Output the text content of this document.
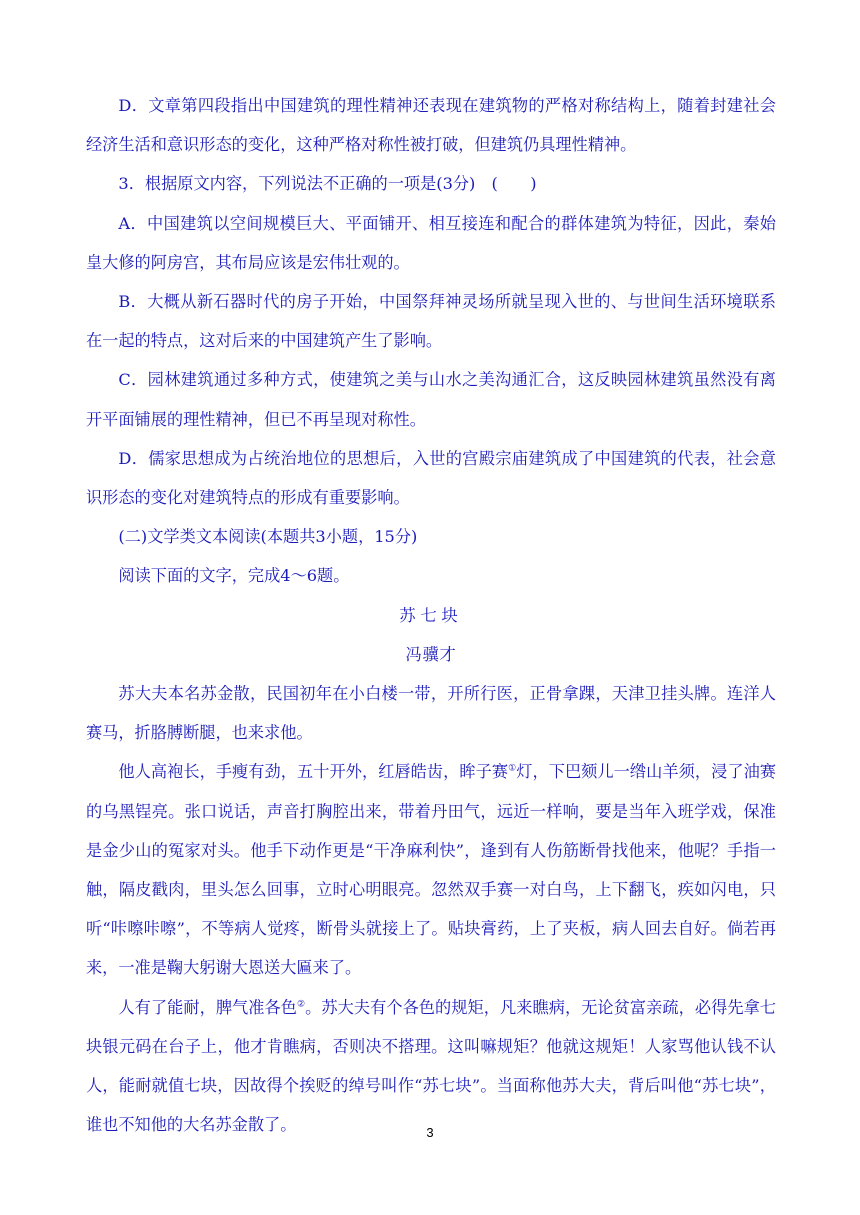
D．文章第四段指出中国建筑的理性精神还表现在建筑物的严格对称结构上，随着封建社会经济生活和意识形态的变化，这种严格对称性被打破，但建筑仍具理性精神。

3．根据原文内容，下列说法不正确的一项是(3分)　(　　)

A．中国建筑以空间规模巨大、平面铺开、相互接连和配合的群体建筑为特征，因此，秦始皇大修的阿房宫，其布局应该是宏伟壮观的。

B．大概从新石器时代的房子开始，中国祭拜神灵场所就呈现入世的、与世间生活环境联系在一起的特点，这对后来的中国建筑产生了影响。

C．园林建筑通过多种方式，使建筑之美与山水之美沟通汇合，这反映园林建筑虽然没有离开平面铺展的理性精神，但已不再呈现对称性。

D．儒家思想成为占统治地位的思想后，入世的宫殿宗庙建筑成了中国建筑的代表，社会意识形态的变化对建筑特点的形成有重要影响。

(二)文学类文本阅读(本题共3小题，15分)

阅读下面的文字，完成4～6题。

苏七块

冯骥才

苏大夫本名苏金散，民国初年在小白楼一带，开所行医，正骨拿踝，天津卫挂头牌。连洋人赛马，折胳膊断腿，也来求他。

他人高袍长，手瘦有劲，五十开外，红唇皓齿，眸子赛①灯，下巴颏儿一绺山羊须，浸了油赛的乌黑锃亮。张口说话，声音打胸腔出来，带着丹田气，远近一样响，要是当年入班学戏，保准是金少山的冤家对头。他手下动作更是“干净麻利快”，逢到有人伤筋断骨找他来，他呢？手指一触，隔皮戳肉，里头怎么回事，立时心明眼亮。忽然双手赛一对白鸟，上下翻飞，疾如闪电，只听“咔嚓咔嚓”，不等病人觉疼，断骨头就接上了。贴块膏药，上了夹板，病人回去自好。倘若再来，一准是鞠大躬谢大恩送大匾来了。

人有了能耐，脾气准各色②。苏大夫有个各色的规矩，凡来瞧病，无论贫富亲疏，必得先拿七块银元码在台子上，他才肯瞧病，否则决不搭理。这叫嘛规矩？他就这规矩！人家骂他认钱不认人，能耐就值七块，因故得个挨贬的绰号叫作“苏七块”。当面称他苏大夫，背后叫他“苏七块”，谁也不知他的大名苏金散了。	3
